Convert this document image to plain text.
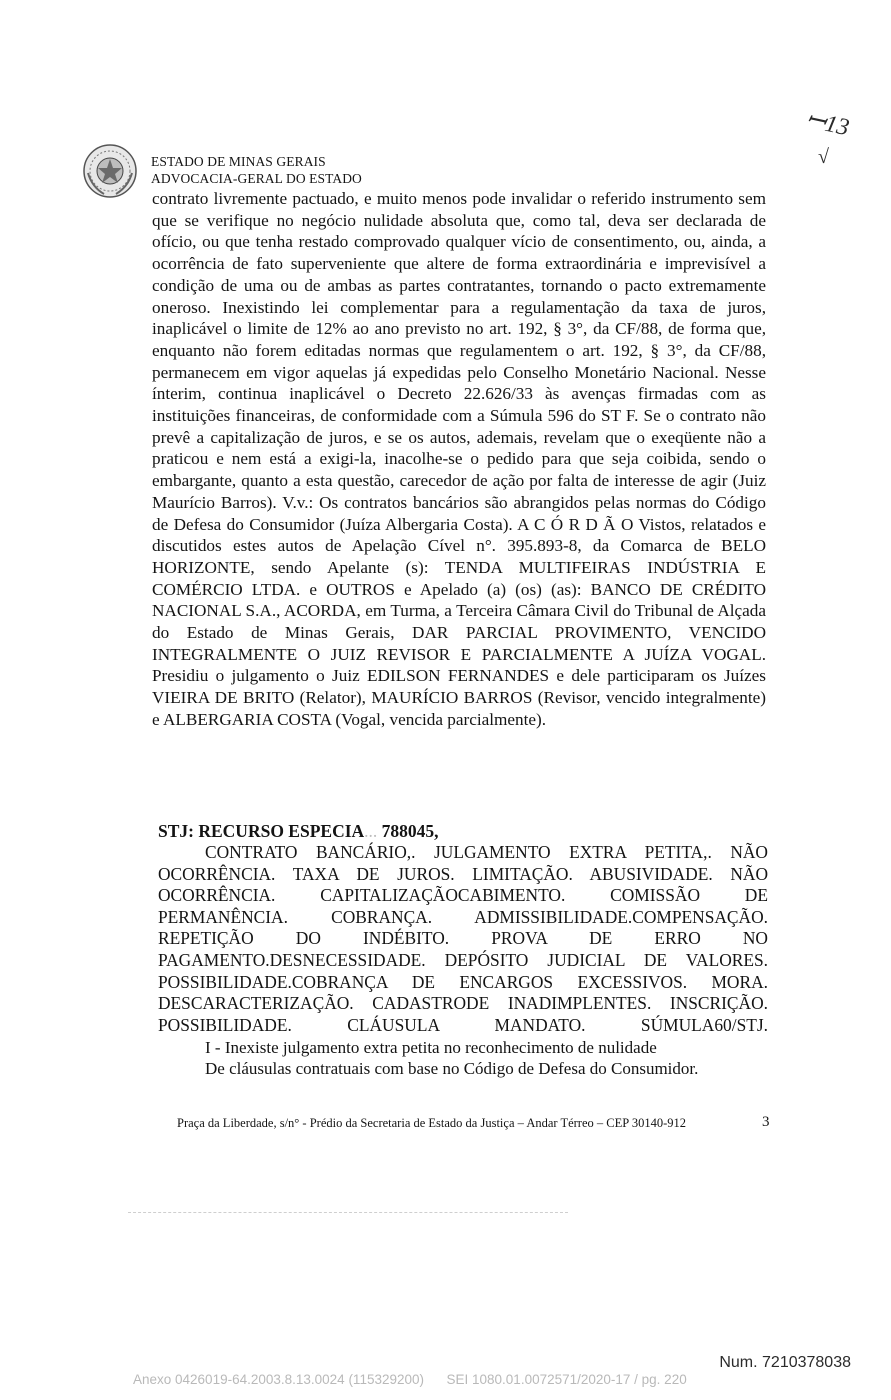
ESTADO DE MINAS GERAIS
ADVOCACIA-GERAL DO ESTADO
ꟷ13
√
contrato livremente pactuado, e muito menos pode invalidar o referido instrumento sem que se verifique no negócio nulidade absoluta que, como tal, deva ser declarada de ofício, ou que tenha restado comprovado qualquer vício de consentimento, ou, ainda, a ocorrência de fato superveniente que altere de forma extraordinária e imprevisível a condição de uma ou de ambas as partes contratantes, tornando o pacto extremamente oneroso. Inexistindo lei complementar para a regulamentação da taxa de juros, inaplicável o limite de 12% ao ano previsto no art. 192, § 3°, da CF/88, de forma que, enquanto não forem editadas normas que regulamentem o art. 192, § 3°, da CF/88, permanecem em vigor aquelas já expedidas pelo Conselho Monetário Nacional. Nesse ínterim, continua inaplicável o Decreto 22.626/33 às avenças firmadas com as instituições financeiras, de conformidade com a Súmula 596 do ST F. Se o contrato não prevê a capitalização de juros, e se os autos, ademais, revelam que o exeqüente não a praticou e nem está a exigi-la, inacolhe-se o pedido para que seja coibida, sendo o embargante, quanto a esta questão, carecedor de ação por falta de interesse de agir (Juiz Maurício Barros). V.v.: Os contratos bancários são abrangidos pelas normas do Código de Defesa do Consumidor (Juíza Albergaria Costa). A C Ó R D Ã O Vistos, relatados e discutidos estes autos de Apelação Cível n°. 395.893-8, da Comarca de BELO HORIZONTE, sendo Apelante (s): TENDA MULTIFEIRAS INDÚSTRIA E COMÉRCIO LTDA. e OUTROS e Apelado (a) (os) (as): BANCO DE CRÉDITO NACIONAL S.A., ACORDA, em Turma, a Terceira Câmara Civil do Tribunal de Alçada do Estado de Minas Gerais, DAR PARCIAL PROVIMENTO, VENCIDO INTEGRALMENTE O JUIZ REVISOR E PARCIALMENTE A JUÍZA VOGAL. Presidiu o julgamento o Juiz EDILSON FERNANDES e dele participaram os Juízes VIEIRA DE BRITO (Relator), MAURÍCIO BARROS (Revisor, vencido integralmente) e ALBERGARIA COSTA (Vogal, vencida parcialmente).
STJ: RECURSO ESPECIA... 788045,
CONTRATO BANCÁRIO,. JULGAMENTO EXTRA PETITA,. NÃO OCORRÊNCIA. TAXA DE JUROS. LIMITAÇÃO. ABUSIVIDADE. NÃO OCORRÊNCIA. CAPITALIZAÇÃOCABIMENTO. COMISSÃO DE PERMANÊNCIA. COBRANÇA. ADMISSIBILIDADE.COMPENSAÇÃO. REPETIÇÃO DO INDÉBITO. PROVA DE ERRO NO PAGAMENTO.DESNECESSIDADE. DEPÓSITO JUDICIAL DE VALORES. POSSIBILIDADE.COBRANÇA DE ENCARGOS EXCESSIVOS. MORA. DESCARACTERIZAÇÃO. CADASTRODE INADIMPLENTES. INSCRIÇÃO. POSSIBILIDADE. CLÁUSULA MANDATO. SÚMULA60/STJ.
I - Inexiste julgamento extra petita no reconhecimento de nulidade
De cláusulas contratuais com base no Código de Defesa do Consumidor.
Praça da Liberdade, s/n° - Prédio da Secretaria de Estado da Justiça – Andar Térreo – CEP 30140-912	3
Num. 7210378038
Anexo 0426019-64.2003.8.13.0024 (115329200)      SEI 1080.01.0072571/2020-17 / pg. 220
